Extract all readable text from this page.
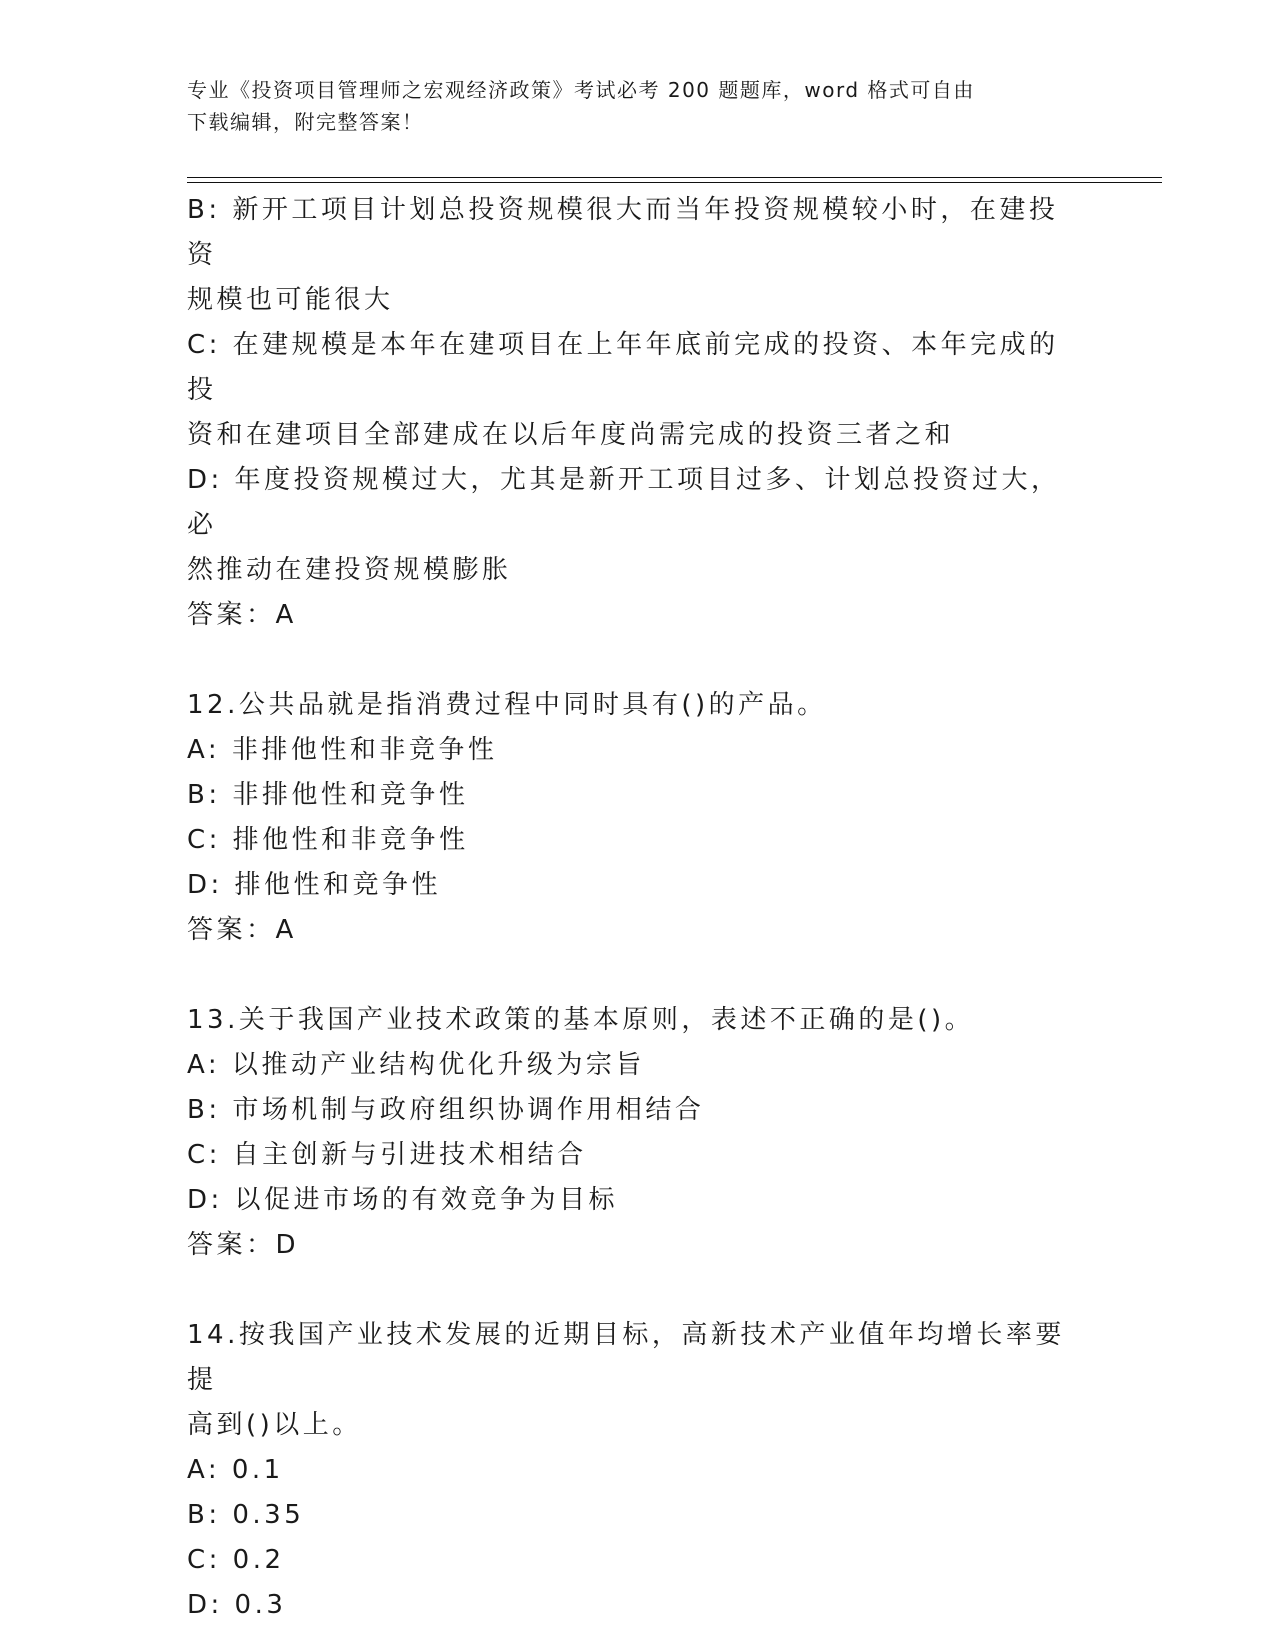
专业《投资项目管理师之宏观经济政策》考试必考 200 题题库，word 格式可自由
下载编辑，附完整答案！
B: 新开工项目计划总投资规模很大而当年投资规模较小时，在建投资
规模也可能很大
C: 在建规模是本年在建项目在上年年底前完成的投资、本年完成的投
资和在建项目全部建成在以后年度尚需完成的投资三者之和
D: 年度投资规模过大，尤其是新开工项目过多、计划总投资过大，必
然推动在建投资规模膨胀
答案：A
12.公共品就是指消费过程中同时具有()的产品。
A: 非排他性和非竞争性
B: 非排他性和竞争性
C: 排他性和非竞争性
D: 排他性和竞争性
答案：A
13.关于我国产业技术政策的基本原则，表述不正确的是()。
A: 以推动产业结构优化升级为宗旨
B: 市场机制与政府组织协调作用相结合
C: 自主创新与引进技术相结合
D: 以促进市场的有效竞争为目标
答案：D
14.按我国产业技术发展的近期目标，高新技术产业值年均增长率要提
高到()以上。
A: 0.1
B: 0.35
C: 0.2
D: 0.3
